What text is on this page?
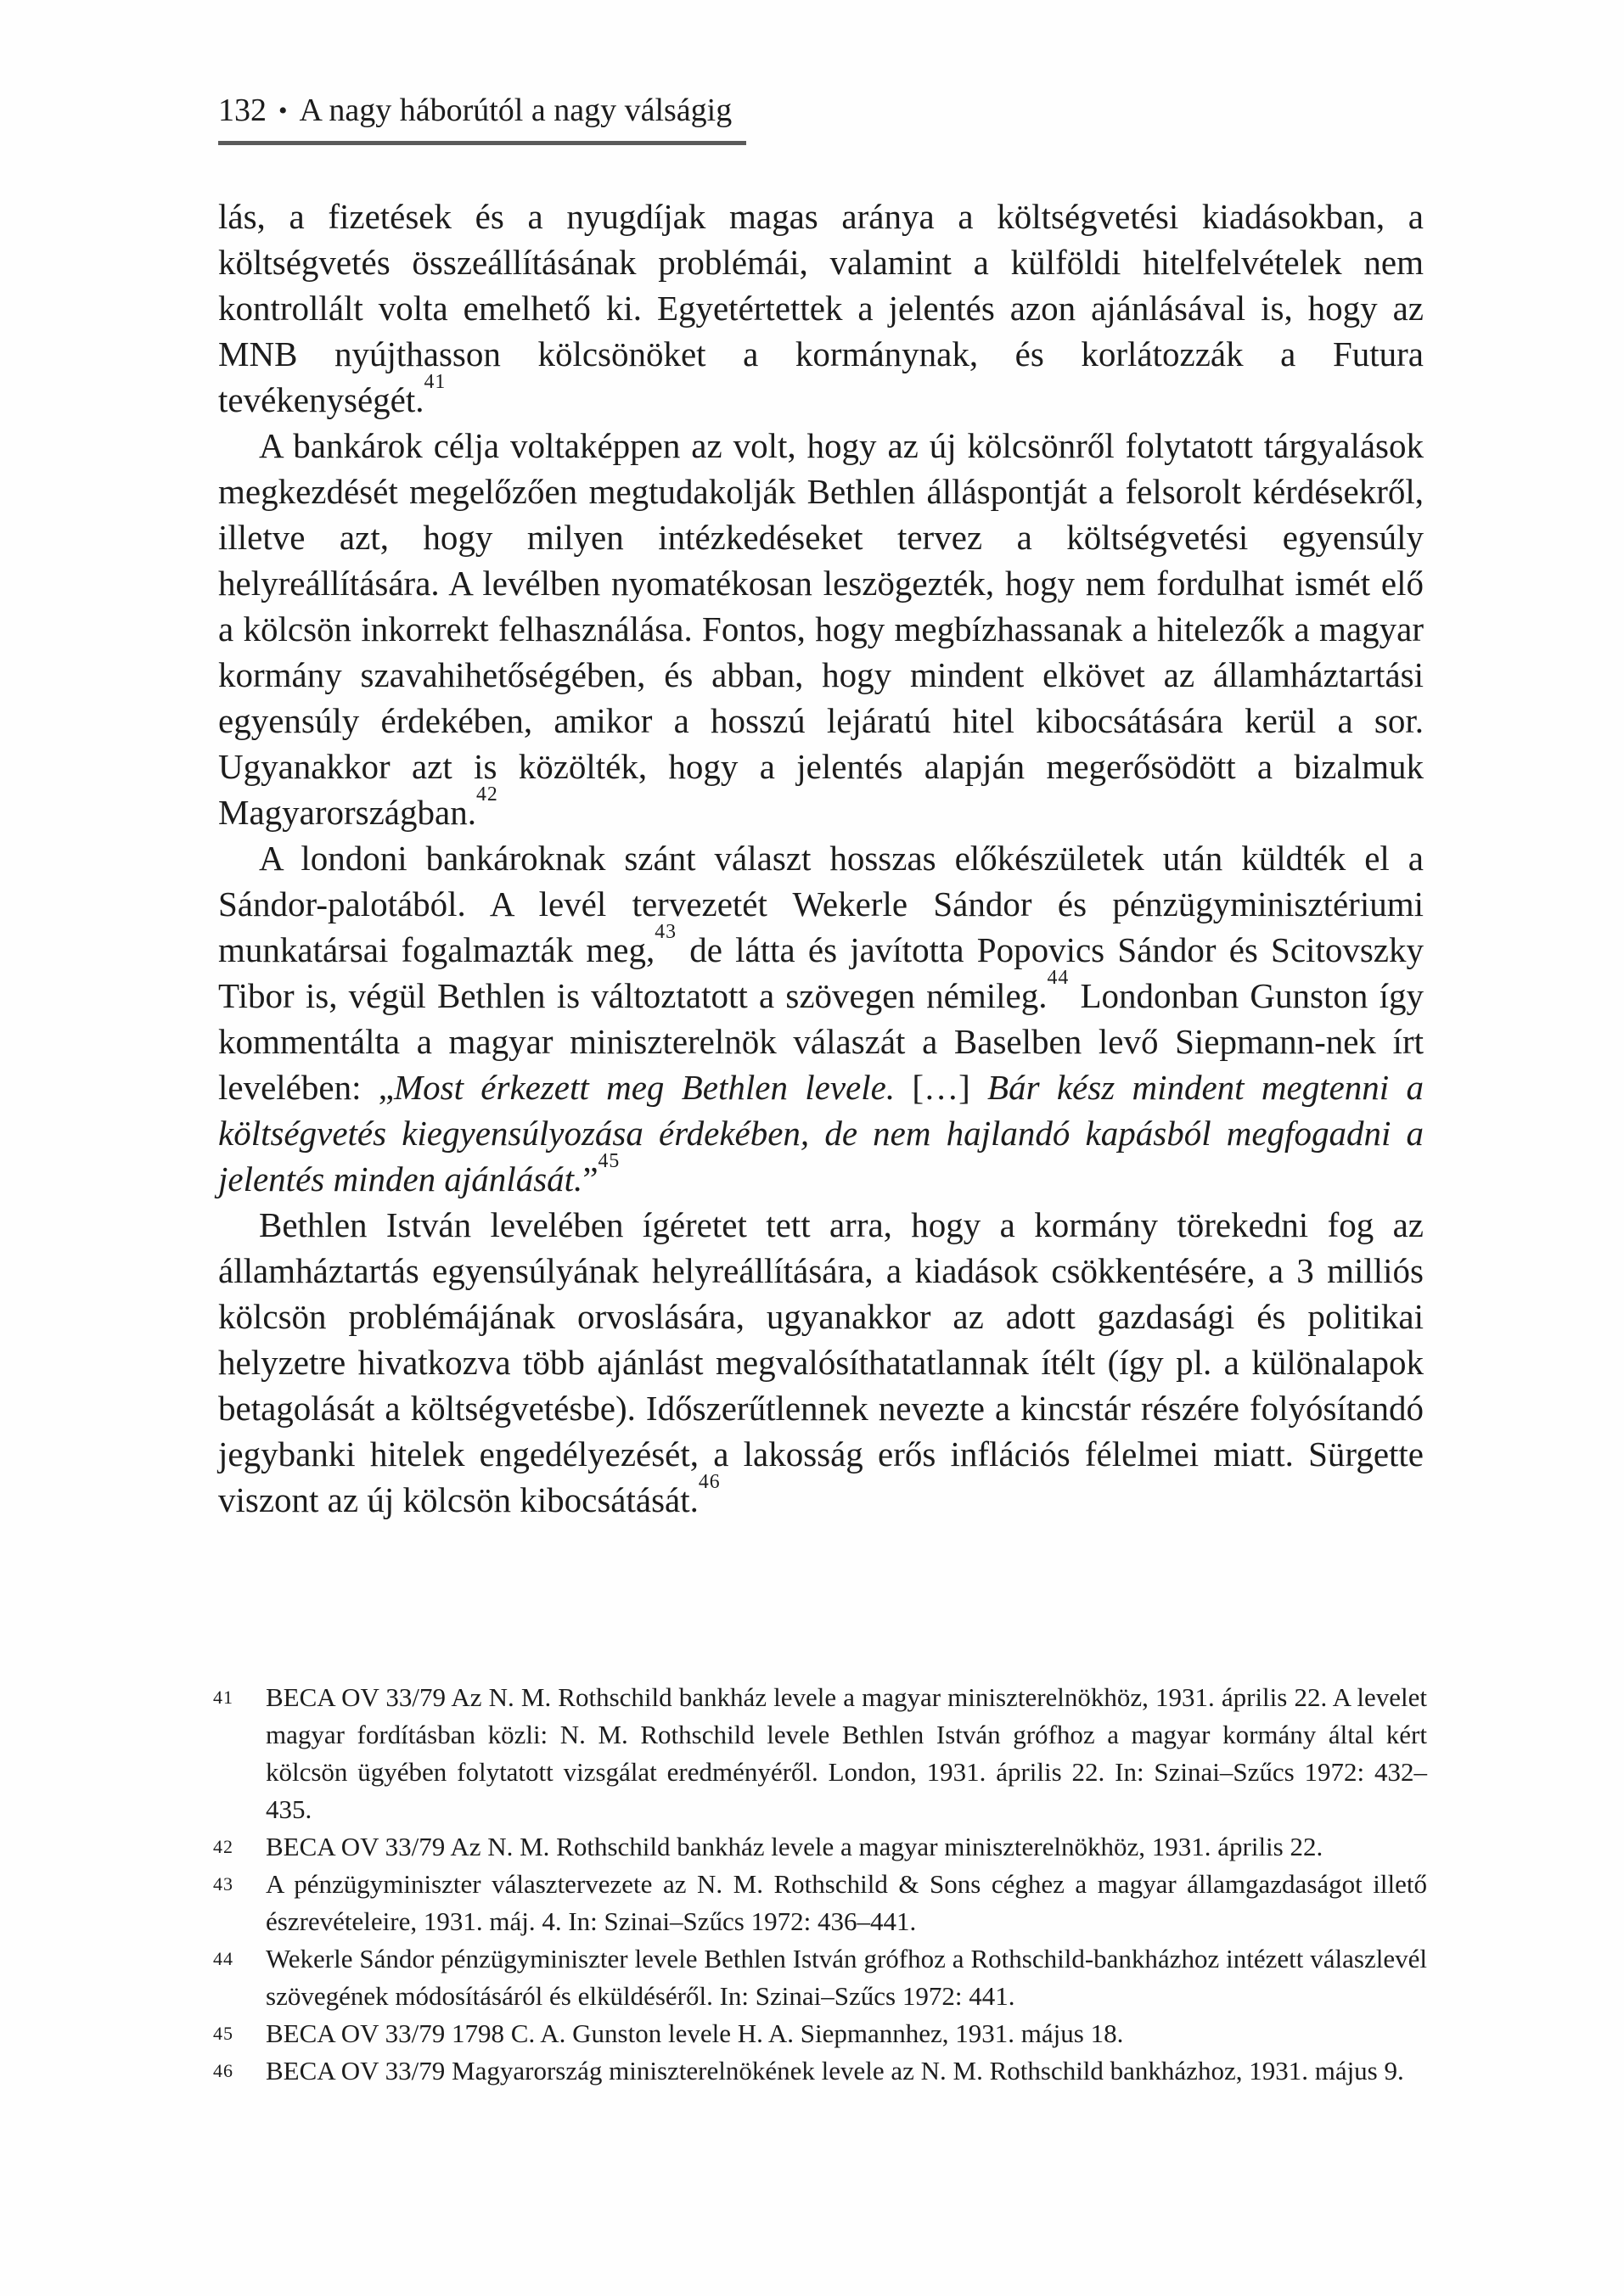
132 • A nagy háborútól a nagy válságig

lás, a fizetések és a nyugdíjak magas aránya a költségvetési kiadásokban, a költségvetés összeállításának problémái, valamint a külföldi hitelfelvételek nem kontrollált volta emelhető ki. Egyetértettek a jelentés azon ajánlásával is, hogy az MNB nyújthasson kölcsönöket a kormánynak, és korlátozzák a Futura tevékenységét.$^{41}$

A bankárok célja voltaképpen az volt, hogy az új kölcsönről folytatott tárgyalások megkezdését megelőzően megtudakolják Bethlen álláspontját a felsorolt kérdésekről, illetve azt, hogy milyen intézkedéseket tervez a költségvetési egyensúly helyreállítására. A levélben nyomatékosan leszögezték, hogy nem fordulhat ismét elő a kölcsön inkorrekt felhasználása. Fontos, hogy megbízhassanak a hitelezők a magyar kormány szavahihetőségében, és abban, hogy mindent elkövet az államháztartási egyensúly érdekében, amikor a hosszú lejáratú hitel kibocsátására kerül a sor. Ugyanakkor azt is közölték, hogy a jelentés alapján megerősödött a bizalmuk Magyarországban.$^{42}$

A londoni bankároknak szánt választ hosszas előkészületek után küldték el a Sándor-palotából. A levél tervezetét Wekerle Sándor és pénzügyminisztériumi munkatársai fogalmazták meg,$^{43}$ de látta és javította Popovics Sándor és Scitovszky Tibor is, végül Bethlen is változtatott a szövegen némileg.$^{44}$ Londonban Gunston így kommentálta a magyar miniszterelnök válaszát a Baselben levő Siepmann-nek írt levelében: „Most érkezett meg Bethlen levele. […] Bár kész mindent megtenni a költségvetés kiegyensúlyozása érdekében, de nem hajlandó kapásból megfogadni a jelentés minden ajánlását.”$^{45}$

Bethlen István levelében ígéretet tett arra, hogy a kormány törekedni fog az államháztartás egyensúlyának helyreállítására, a kiadások csökkentésére, a 3 milliós kölcsön problémájának orvoslására, ugyanakkor az adott gazdasági és politikai helyzetre hivatkozva több ajánlást megvalósíthatatlannak ítélt (így pl. a különalapok betagolását a költségvetésbe). Időszerűtlennek nevezte a kincstár részére folyósítandó jegybanki hitelek engedélyezését, a lakosság erős inflációs félelmei miatt. Sürgette viszont az új kölcsön kibocsátását.$^{46}$

41	BECA OV 33/79 Az N. M. Rothschild bankház levele a magyar miniszterelnökhöz, 1931. április 22. A levelet magyar fordításban közli: N. M. Rothschild levele Bethlen István grófhoz a magyar kormány által kért kölcsön ügyében folytatott vizsgálat eredményéről. London, 1931. április 22. In: Szinai–Szűcs 1972: 432–435.

42	BECA OV 33/79 Az N. M. Rothschild bankház levele a magyar miniszterelnökhöz, 1931. április 22.

43	A pénzügyminiszter választervezete az N. M. Rothschild & Sons céghez a magyar államgazdaságot illető észrevételeire, 1931. máj. 4. In: Szinai–Szűcs 1972: 436–441.

44	Wekerle Sándor pénzügyminiszter levele Bethlen István grófhoz a Rothschild-bankházhoz intézett válaszlevél szövegének módosításáról és elküldéséről. In: Szinai–Szűcs 1972: 441.

45	BECA OV 33/79 1798 C. A. Gunston levele H. A. Siepmannhez, 1931. május 18.

46	BECA OV 33/79 Magyarország miniszterelnökének levele az N. M. Rothschild bankházhoz, 1931. május 9.
